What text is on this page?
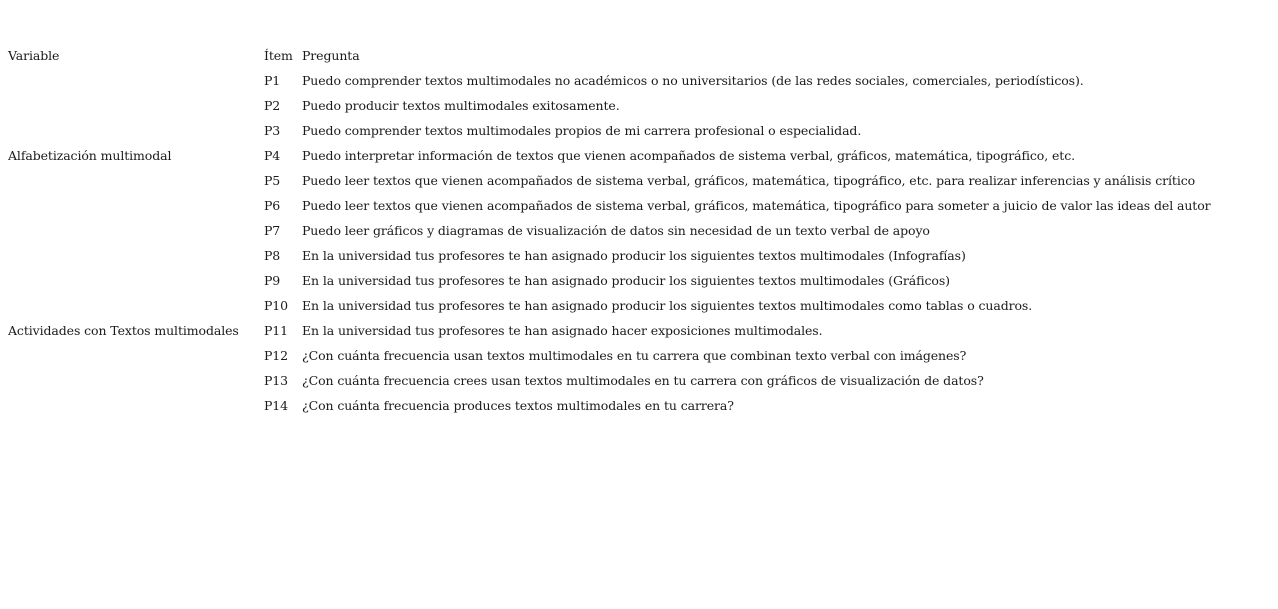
Variable	Ítem	Pregunta
	P1	Puedo comprender textos multimodales no académicos o no universitarios (de las redes sociales, comerciales, periodísticos).
	P2	Puedo producir textos multimodales exitosamente.
	P3	Puedo comprender textos multimodales propios de mi carrera profesional o especialidad.
Alfabetización multimodal	P4	Puedo interpretar información de textos que vienen acompañados de sistema verbal, gráficos, matemática, tipográfico, etc.
	P5	Puedo leer textos que vienen acompañados de sistema verbal, gráficos, matemática, tipográfico, etc. para realizar inferencias y análisis crítico
	P6	Puedo leer textos que vienen acompañados de sistema verbal, gráficos, matemática, tipográfico para someter a juicio de valor las ideas del autor
	P7	Puedo leer gráficos y diagramas de visualización de datos sin necesidad de un texto verbal de apoyo
	P8	En la universidad tus profesores te han asignado producir los siguientes textos multimodales (Infografías)
	P9	En la universidad tus profesores te han asignado producir los siguientes textos multimodales (Gráficos)
	P10	En la universidad tus profesores te han asignado producir los siguientes textos multimodales como tablas o cuadros.
Actividades con Textos multimodales	P11	En la universidad tus profesores te han asignado hacer exposiciones multimodales.
	P12	¿Con cuánta frecuencia usan textos multimodales en tu carrera que combinan texto verbal con imágenes?
	P13	¿Con cuánta frecuencia crees usan textos multimodales en tu carrera con gráficos de visualización de datos?
	P14	¿Con cuánta frecuencia produces textos multimodales en tu carrera?
